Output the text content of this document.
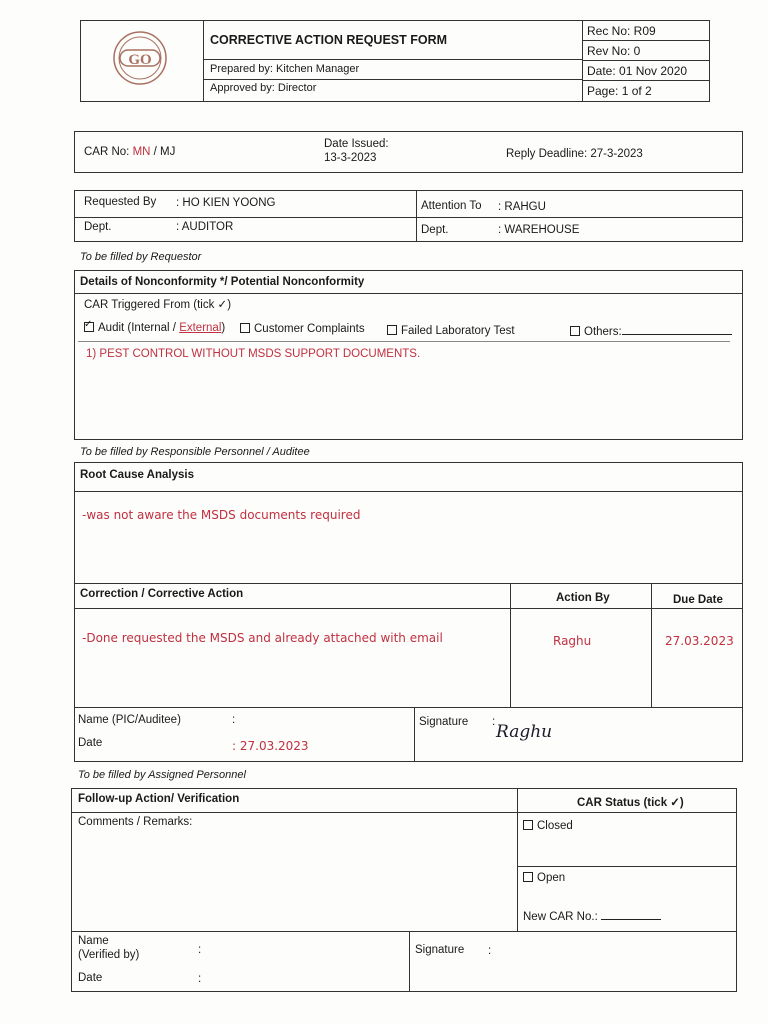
GO
CORRECTIVE ACTION REQUEST FORM
Prepared by: Kitchen Manager
Approved by: Director
Rec No: R09
Rev No: 0
Date: 01 Nov 2020
Page: 1 of 2
CAR No: MN / MJ
Date Issued:
13-3-2023	Reply Deadline: 27-3-2023
Requested By : HO KIEN YOONG
Dept.	: AUDITOR
Attention To : RAHGU
Dept.	: WAREHOUSE
To be filled by Requestor
Details of Nonconformity */ Potential Nonconformity
CAR Triggered From (tick ✓)
✓Audit (Internal / External)	Customer Complaints	Failed Laboratory Test	Others:
1) PEST CONTROL WITHOUT MSDS SUPPORT DOCUMENTS.
To be filled by Responsible Personnel / Auditee
Root Cause Analysis
-was not aware the MSDS documents required
Correction / Corrective Action	Action By	Due Date
-Done requested the MSDS and already attached with email	Raghu	27.03.2023
Name (PIC/Auditee)	:
Date	: 27.03.2023
Signature : Raghu
To be filled by Assigned Personnel
Follow-up Action/ Verification	CAR Status (tick ✓)
Comments / Remarks:	Closed
Open
New CAR No.:
Name
(Verified by)	:
Date	:
Signature :
